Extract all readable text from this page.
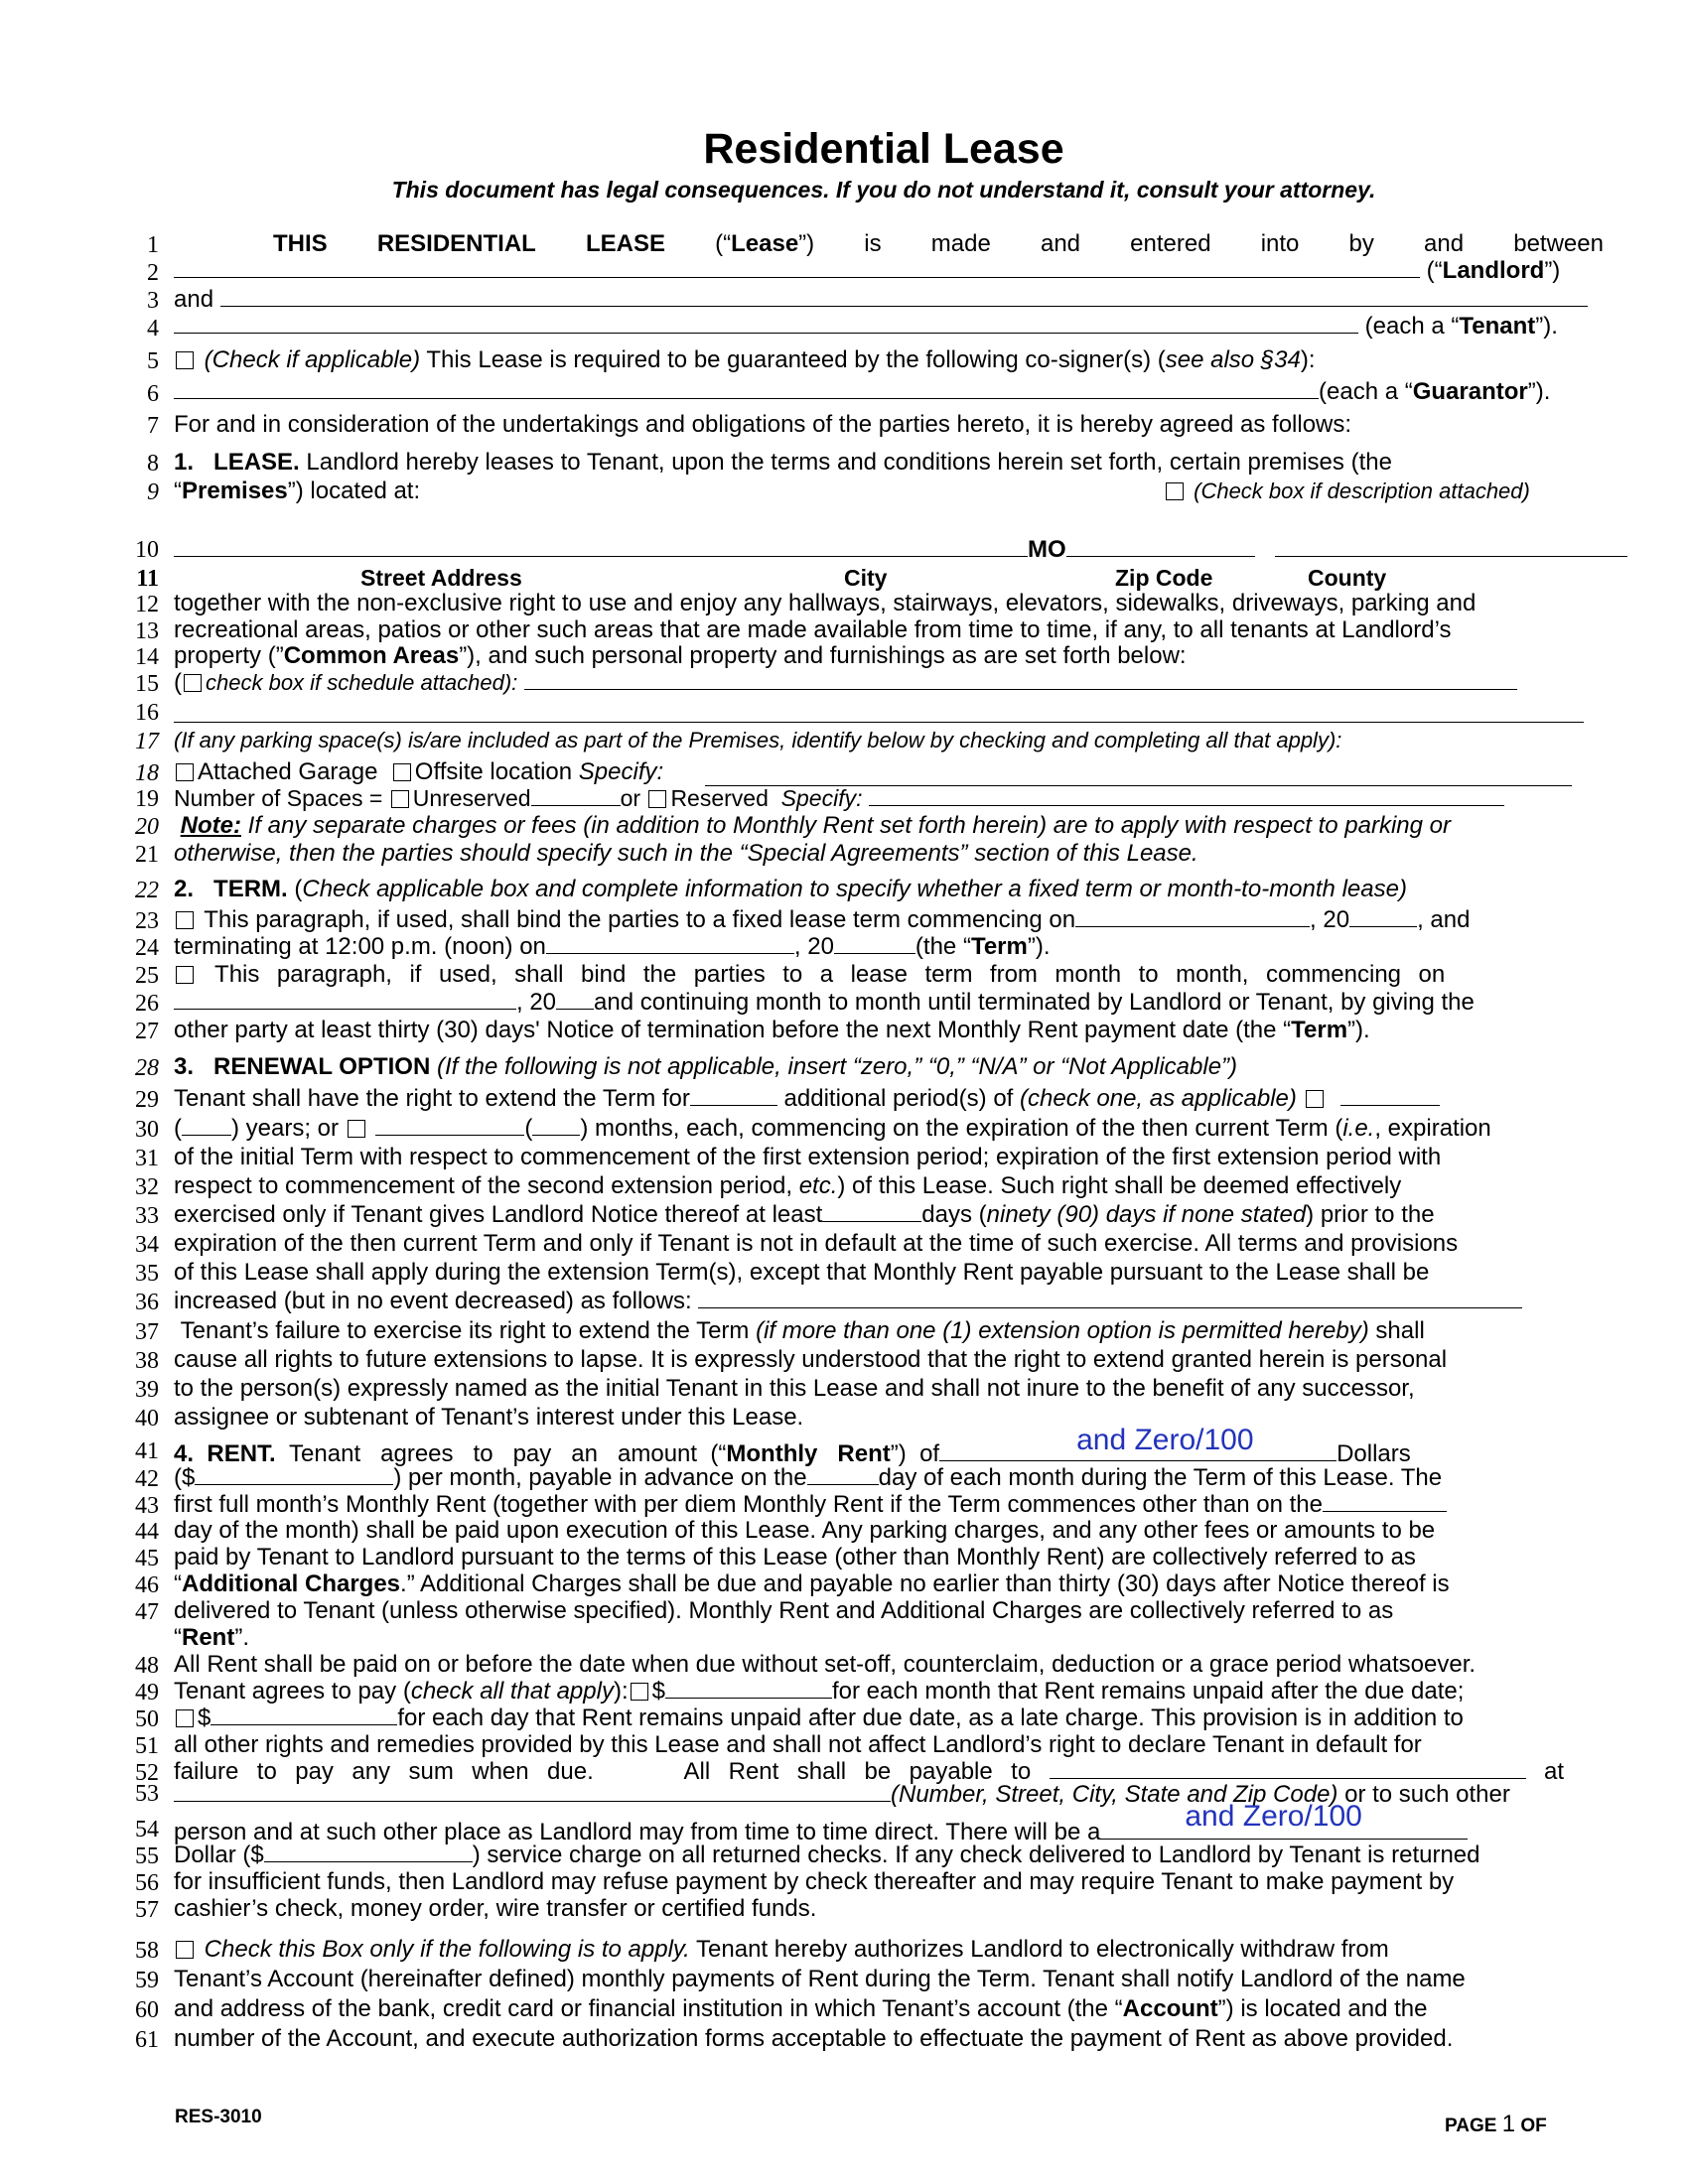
Residential Lease
This document has legal consequences. If you do not understand it, consult your attorney.
1
2
3
4
5
6
7
8
9
10
11
12
13
14
15
16
17
18
19
20
21
22
23
24
25
26
27
28
29
30
31
32
33
34
35
36
37
38
39
40
41
42
43
44
45
46
47
48
49
50
51
52
53
54
55
56
57
58
59
60
61
THIS RESIDENTIAL LEASE (“Lease”) is made and entered into by and between
(“Landlord”)
and
(each a “Tenant”).
(Check if applicable) This Lease is required to be guaranteed by the following co-signer(s) (see also §34):
(each a “Guarantor”).
For and in consideration of the undertakings and obligations of the parties hereto, it is hereby agreed as follows:
1. LEASE. Landlord hereby leases to Tenant, upon the terms and conditions herein set forth, certain premises (the
“Premises”) located at:	(Check box if description attached)
MO
Street Address	City	Zip Code	County
together with the non-exclusive right to use and enjoy any hallways, stairways, elevators, sidewalks, driveways, parking and
recreational areas, patios or other such areas that are made available from time to time, if any, to all tenants at Landlord’s
property (”Common Areas”), and such personal property and furnishings as are set forth below:
( check box if schedule attached):
(If any parking space(s) is/are included as part of the Premises, identify below by checking and completing all that apply):
Attached Garage Offsite location Specify:
Number of Spaces = Unreserved	or Reserved Specify:
Note: If any separate charges or fees (in addition to Monthly Rent set forth herein) are to apply with respect to parking or
otherwise, then the parties should specify such in the “Special Agreements” section of this Lease.
2. TERM. (Check applicable box and complete information to specify whether a fixed term or month-to-month lease)
This paragraph, if used, shall bind the parties to a fixed lease term commencing on	, 20	, and
terminating at 12:00 p.m. (noon) on	, 20	(the “Term”).
This paragraph, if used, shall bind the parties to a lease term from month to month, commencing on
, 20 and continuing month to month until terminated by Landlord or Tenant, by giving the
other party at least thirty (30) days' Notice of termination before the next Monthly Rent payment date (the “Term”).
3. RENEWAL OPTION (If the following is not applicable, insert “zero,” “0,” “N/A” or “Not Applicable”)
Tenant shall have the right to extend the Term for	additional period(s) of (check one, as applicable)
( ) years; or	( ) months, each, commencing on the expiration of the then current Term (i.e., expiration
of the initial Term with respect to commencement of the first extension period; expiration of the first extension period with
respect to commencement of the second extension period, etc.) of this Lease. Such right shall be deemed effectively
exercised only if Tenant gives Landlord Notice thereof at least	days (ninety (90) days if none stated) prior to the
expiration of the then current Term and only if Tenant is not in default at the time of such exercise. All terms and provisions
of this Lease shall apply during the extension Term(s), except that Monthly Rent payable pursuant to the Lease shall be
increased (but in no event decreased) as follows:
Tenant’s failure to exercise its right to extend the Term (if more than one (1) extension option is permitted hereby) shall
cause all rights to future extensions to lapse. It is expressly understood that the right to extend granted herein is personal
to the person(s) expressly named as the initial Tenant in this Lease and shall not inure to the benefit of any successor,
assignee or subtenant of Tenant’s interest under this Lease.
4. RENT. Tenant agrees to pay an amount (“Monthly Rent”) of	and Zero/100	Dollars
($	) per month, payable in advance on the	day of each month during the Term of this Lease. The
first full month’s Monthly Rent (together with per diem Monthly Rent if the Term commences other than on the
day of the month) shall be paid upon execution of this Lease. Any parking charges, and any other fees or amounts to be
paid by Tenant to Landlord pursuant to the terms of this Lease (other than Monthly Rent) are collectively referred to as
“Additional Charges.” Additional Charges shall be due and payable no earlier than thirty (30) days after Notice thereof is
delivered to Tenant (unless otherwise specified). Monthly Rent and Additional Charges are collectively referred to as
“Rent”.
All Rent shall be paid on or before the date when due without set-off, counterclaim, deduction or a grace period whatsoever.
Tenant agrees to pay (check all that apply): $	for each month that Rent remains unpaid after the due date;
$	for each day that Rent remains unpaid after due date, as a late charge. This provision is in addition to
all other rights and remedies provided by this Lease and shall not affect Landlord’s right to declare Tenant in default for
failure to pay any sum when due.	All Rent shall be payable to	at
(Number, Street, City, State and Zip Code) or to such other
person and at such other place as Landlord may from time to time direct. There will be a	and Zero/100
Dollar ($	) service charge on all returned checks. If any check delivered to Landlord by Tenant is returned
for insufficient funds, then Landlord may refuse payment by check thereafter and may require Tenant to make payment by
cashier’s check, money order, wire transfer or certified funds.
Check this Box only if the following is to apply. Tenant hereby authorizes Landlord to electronically withdraw from
Tenant’s Account (hereinafter defined) monthly payments of Rent during the Term. Tenant shall notify Landlord of the name
and address of the bank, credit card or financial institution in which Tenant’s account (the “Account”) is located and the
number of the Account, and execute authorization forms acceptable to effectuate the payment of Rent as above provided.
RES-3010	PAGE 1 OF
